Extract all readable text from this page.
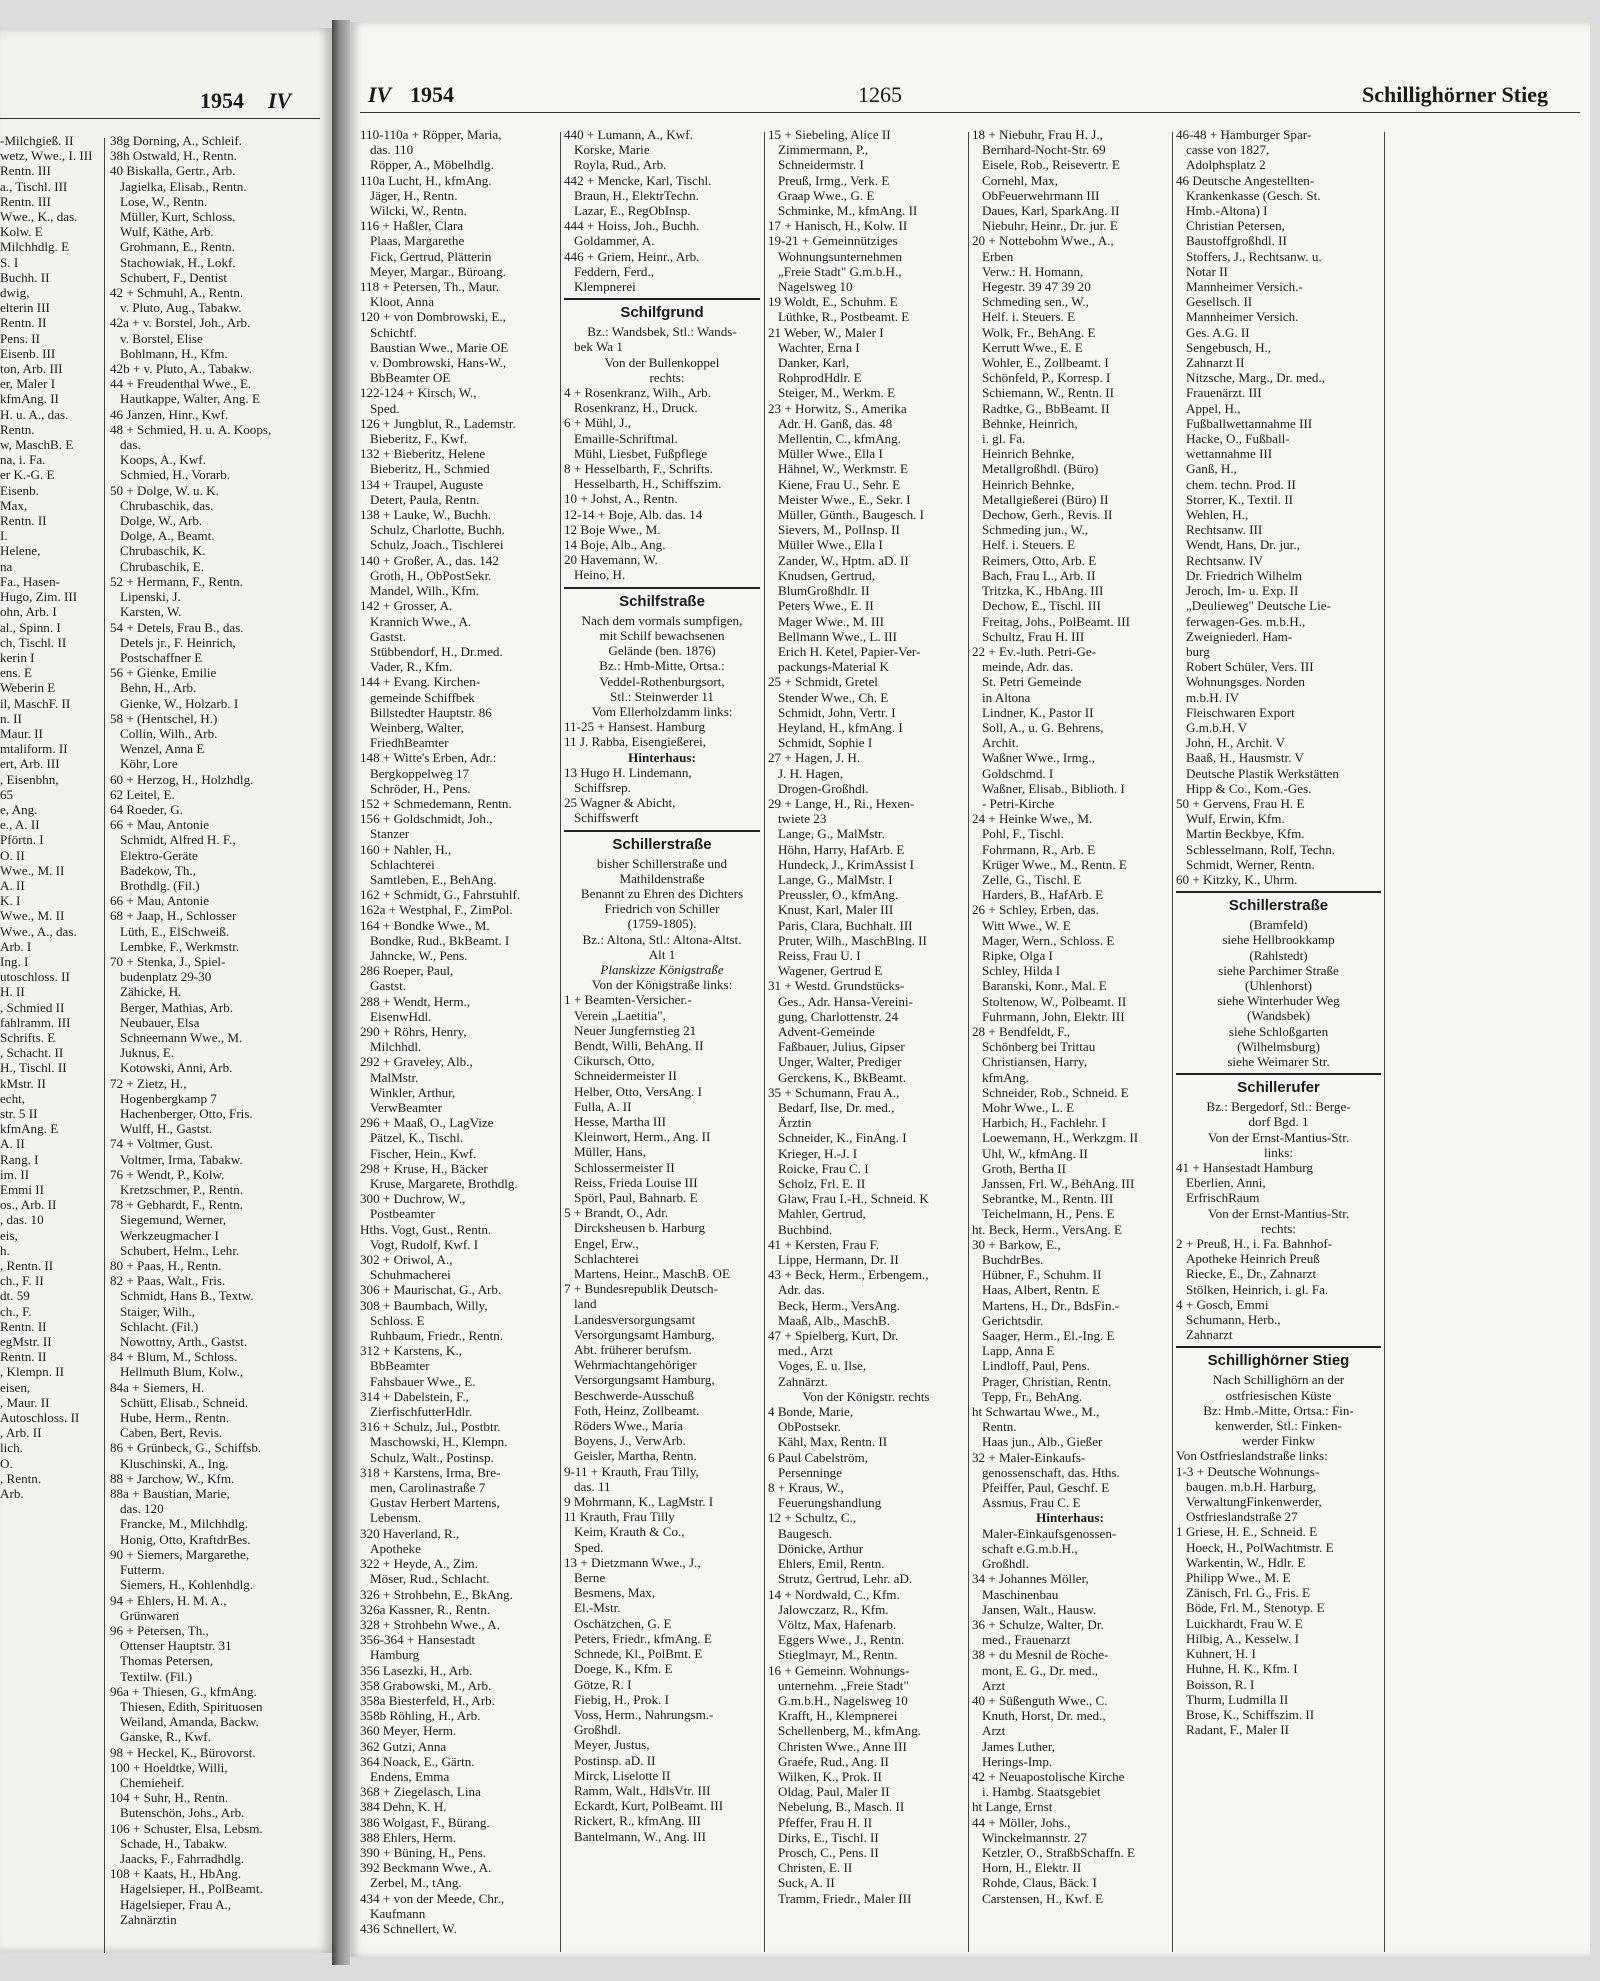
1954 IV
-Milchgieß. II
wetz, Wwe., I. III
Rentn. III
a., Tischl. III
Rentn. III
Wwe., K., das.
Kolw. E
Milchhdlg. E
S. I
Buchh. II
dwig,
elterin III
Rentn. II
Pens. II
Eisenb. III
ton, Arb. III
er, Maler I
kfmAng. II
H. u. A., das.
Rentn.
w, MaschB. E
na, i. Fa.
er K.-G. E
Eisenb.
Max,
Rentn. II
I.
Helene,
na
Fa., Hasen-
Hugo, Zim. III
ohn, Arb. I
al., Spinn. I
ch, Tischl. II
kerin I
ens. E
Weberin E
il, MaschF. II
n. II
Maur. II
mtaliform. II
ert, Arb. III
, Eisenbhn,
65
e, Ang.
e., A. II
Pförtn. I
O. II
Wwe., M. II
A. II
K. I
Wwe., M. II
Wwe., A., das.
Arb. I
Ing. I
utoschloss. II
H. II
, Schmied II
fahlramm. III
Schrifts. E
, Schacht. II
H., Tischl. II
kMstr. II
echt,
str. 5 II
kfmAng. E
A. II
Rang. I
im. II
Emmi II
os., Arb. II
, das. 10
eis,
h.
, Rentn. II
ch., F. II
dt. 59
ch., F.
Rentn. II
egMstr. II
Rentn. II
, Klempn. II
eisen,
, Maur. II
Autoschloss. II
, Arb. II
lich.
O.
, Rentn.
Arb.
38g Dorning, A., Schleif.
38h Ostwald, H., Rentn.
40 Biskalla, Gertr., Arb.
Jagielka, Elisab., Rentn.
Lose, W., Rentn.
Müller, Kurt, Schloss.
Wulf, Käthe, Arb.
Grohmann, E., Rentn.
Stachowiak, H., Lokf.
Schubert, F., Dentist
42 + Schmuhl, A., Rentn.
v. Pluto, Aug., Tabakw.
42a + v. Borstel, Joh., Arb.
v. Borstel, Elise
Bohlmann, H., Kfm.
42b + v. Pluto, A., Tabakw.
44 + Freudenthal Wwe., E.
Hautkappe, Walter, Ang. E
46 Janzen, Hinr., Kwf.
48 + Schmied, H. u. A. Koops,
das.
Koops, A., Kwf.
Schmied, H., Vorarb.
50 + Dolge, W. u. K.
Chrubaschik, das.
Dolge, W., Arb.
Dolge, A., Beamt.
Chrubaschik, K.
Chrubaschik, E.
52 + Hermann, F., Rentn.
Lipenski, J.
Karsten, W.
54 + Detels, Frau B., das.
Detels jr., F. Heinrich,
Postschaffner E
56 + Gienke, Emilie
Behn, H., Arb.
Gienke, W., Holzarb. I
58 + (Hentschel, H.)
Collin, Wilh., Arb.
Wenzel, Anna E
Köhr, Lore
60 + Herzog, H., Holzhdlg.
62 Leitel, E.
64 Roeder, G.
66 + Mau, Antonie
Schmidt, Alfred H. F.,
Elektro-Geräte
Badekow, Th.,
Brothdlg. (Fil.)
66 + Mau, Antonie
68 + Jaap, H., Schlosser
Lüth, E., ElSchweiß.
Lembke, F., Werkmstr.
70 + Stenka, J., Spiel-
budenplatz 29-30
Zähicke, H.
Berger, Mathias, Arb.
Neubauer, Elsa
Schneemann Wwe., M.
Juknus, E.
Kotowski, Anni, Arb.
72 + Zietz, H.,
Hogenbergkamp 7
Hachenberger, Otto, Fris.
Wulff, H., Gastst.
74 + Voltmer, Gust.
Voltmer, Irma, Tabakw.
76 + Wendt, P., Kolw.
Kretzschmer, P., Rentn.
78 + Gebhardt, F., Rentn.
Siegemund, Werner,
Werkzeugmacher I
Schubert, Helm., Lehr.
80 + Paas, H., Rentn.
82 + Paas, Walt., Fris.
Schmidt, Hans B., Textw.
Staiger, Wilh.,
Schlacht. (Fil.)
Nowottny, Arth., Gastst.
84 + Blum, M., Schloss.
Hellmuth Blum, Kolw.,
84a + Siemers, H.
Schütt, Elisab., Schneid.
Hube, Herm., Rentn.
Caben, Bert, Revis.
86 + Grünbeck, G., Schiffsb.
Kluschinski, A., Ing.
88 + Jarchow, W., Kfm.
88a + Baustian, Marie,
das. 120
Francke, M., Milchhdlg.
Honig, Otto, KraftdrBes.
90 + Siemers, Margarethe,
Futterm.
Siemers, H., Kohlenhdlg.
94 + Ehlers, H. M. A.,
Grünwaren
96 + Petersen, Th.,
Ottenser Hauptstr. 31
Thomas Petersen,
Textilw. (Fil.)
96a + Thiesen, G., kfmAng.
Thiesen, Edith, Spirituosen
Weiland, Amanda, Backw.
Ganske, R., Kwf.
98 + Heckel, K., Bürovorst.
100 + Hoeldtke, Willi,
Chemieheif.
104 + Suhr, H., Rentn.
Butenschön, Johs., Arb.
106 + Schuster, Elsa, Lebsm.
Schade, H., Tabakw.
Jaacks, F., Fahrradhdlg.
108 + Kaats, H., HbAng.
Hagelsieper, H., PolBeamt.
Hagelsieper, Frau A.,
Zahnärztin
IV 1954	1265	Schillighörner Stieg
110-110a + Röpper, Maria,
das. 110
Röpper, A., Möbelhdlg.
110a Lucht, H., kfmAng.
Jäger, H., Rentn.
Wilcki, W., Rentn.
116 + Haßler, Clara
Plaas, Margarethe
Fick, Gertrud, Plätterin
Meyer, Margar., Büroang.
118 + Petersen, Th., Maur.
Kloot, Anna
120 + von Dombrowski, E.,
Schichtf.
Baustian Wwe., Marie OE
v. Dombrowski, Hans-W.,
BbBeamter OE
122-124 + Kirsch, W.,
Sped.
126 + Jungblut, R., Lademstr.
Bieberitz, F., Kwf.
132 + Bieberitz, Helene
Bieberitz, H., Schmied
134 + Traupel, Auguste
Detert, Paula, Rentn.
138 + Lauke, W., Buchh.
Schulz, Charlotte, Buchh.
Schulz, Joach., Tischlerei
140 + Großer, A., das. 142
Groth, H., ObPostSekr.
Mandel, Wilh., Kfm.
142 + Grosser, A.
Krannich Wwe., A.
Gastst.
Stübbendorf, H., Dr.med.
Vader, R., Kfm.
144 + Evang. Kirchen-
gemeinde Schiffbek
Billstedter Hauptstr. 86
Weinberg, Walter,
FriedhBeamter
148 + Witte's Erben, Adr.:
Bergkoppelweg 17
Schröder, H., Pens.
152 + Schmedemann, Rentn.
156 + Goldschmidt, Joh.,
Stanzer
160 + Nahler, H.,
Schlachterei
Samtleben, E., BehAng.
162 + Schmidt, G., Fahrstuhlf.
162a + Westphal, F., ZimPol.
164 + Bondke Wwe., M.
Bondke, Rud., BkBeamt. I
Jahncke, W., Pens.
286 Roeper, Paul,
Gastst.
288 + Wendt, Herm.,
EisenwHdl.
290 + Röhrs, Henry,
Milchhdl.
292 + Graveley, Alb.,
MalMstr.
Winkler, Arthur,
VerwBeamter
296 + Maaß, O., LagVize
Pätzel, K., Tischl.
Fischer, Hein., Kwf.
298 + Kruse, H., Bäcker
Kruse, Margarete, Brothdlg.
300 + Duchrow, W.,
Postbeamter
Hths. Vogt, Gust., Rentn.
Vogt, Rudolf, Kwf. I
302 + Oriwol, A.,
Schuhmacherei
306 + Maurischat, G., Arb.
308 + Baumbach, Willy,
Schloss. E
Ruhbaum, Friedr., Rentn.
312 + Karstens, K.,
BbBeamter
Fahsbauer Wwe., E.
314 + Dabelstein, F.,
ZierfischfutterHdlr.
316 + Schulz, Jul., Postbtr.
Maschowski, H., Klempn.
Schulz, Walt., Postinsp.
318 + Karstens, Irma, Bre-
men, Carolinastraße 7
Gustav Herbert Martens,
Lebensm.
320 Haverland, R.,
Apotheke
322 + Heyde, A., Zim.
Möser, Rud., Schlacht.
326 + Strohbehn, E., BkAng.
326a Kassner, R., Rentn.
328 + Strohbehn Wwe., A.
356-364 + Hansestadt
Hamburg
356 Lasezki, H., Arb.
358 Grabowski, M., Arb.
358a Biesterfeld, H., Arb.
358b Röhling, H., Arb.
360 Meyer, Herm.
362 Gutzi, Anna
364 Noack, E., Gärtn.
Endens, Emma
368 + Ziegelasch, Lina
384 Dehn, K. H.
386 Wolgast, F., Bürang.
388 Ehlers, Herm.
390 + Büning, H., Pens.
392 Beckmann Wwe., A.
Zerbel, M., tAng.
434 + von der Meede, Chr.,
Kaufmann
436 Schnellert, W.
440 + Lumann, A., Kwf.
Korske, Marie
Royla, Rud., Arb.
442 + Mencke, Karl, Tischl.
Braun, H., ElektrTechn.
Lazar, E., RegObInsp.
444 + Hoiss, Joh., Buchh.
Goldammer, A.
446 + Griem, Heinr., Arb.
Feddern, Ferd.,
Klempnerei
Schilfgrund
Bz.: Wandsbek, Stl.: Wands-
bek Wa 1
Von der Bullenkoppel
rechts:
4 + Rosenkranz, Wilh., Arb.
Rosenkranz, H., Druck.
6 + Mühl, J.,
Emaille-Schriftmal.
Mühl, Liesbet, Fußpflege
8 + Hesselbarth, F., Schrifts.
Hesselbarth, H., Schiffszim.
10 + Johst, A., Rentn.
12-14 + Boje, Alb. das. 14
12 Boje Wwe., M.
14 Boje, Alb., Ang.
20 Havemann, W.
Heino, H.
Schilfstraße
Nach dem vormals sumpfigen,
mit Schilf bewachsenen
Gelände (ben. 1876)
Bz.: Hmb-Mitte, Ortsa.:
Veddel-Rothenburgsort,
Stl.: Steinwerder 11
Vom Ellerholzdamm links:
11-25 + Hansest. Hamburg
11 J. Rabba, Eisengießerei,
Hinterhaus:
13 Hugo H. Lindemann,
Schiffsrep.
25 Wagner & Abicht,
Schiffswerft
Schillerstraße
bisher Schillerstraße und
Mathildenstraße
Benannt zu Ehren des Dichters
Friedrich von Schiller
(1759-1805).
Bz.: Altona, Stl.: Altona-Altst.
Alt 1
Planskizze Königstraße
Von der Königstraße links:
1 + Beamten-Versicher.-
Verein „Laetitia",
Neuer Jungfernstieg 21
Bendt, Willi, BehAng. II
Cikursch, Otto,
Schneidermeister II
Helber, Otto, VersAng. I
Fulla, A. II
Hesse, Martha III
Kleinwort, Herm., Ang. II
Müller, Hans,
Schlossermeister II
Reiss, Frieda Louise III
Spörl, Paul, Bahnarb. E
5 + Brandt, O., Adr.
Dircksheusen b. Harburg
Engel, Erw.,
Schlachterei
Martens, Heinr., MaschB. OE
7 + Bundesrepublik Deutsch-
land
Landesversorgungsamt
Versorgungsamt Hamburg,
Abt. früherer berufsm.
Wehrmachtangehöriger
Versorgungsamt Hamburg,
Beschwerde-Ausschuß
Foth, Heinz, Zollbeamt.
Röders Wwe., Maria
Boyens, J., VerwArb.
Geisler, Martha, Rentn.
9-11 + Krauth, Frau Tilly,
das. 11
9 Mohrmann, K., LagMstr. I
11 Krauth, Frau Tilly
Keim, Krauth & Co.,
Sped.
13 + Dietzmann Wwe., J.,
Berne
Besmens, Max,
El.-Mstr.
Oschätzchen, G. E
Peters, Friedr., kfmAng. E
Schnede, Kl., PolBmt. E
Doege, K., Kfm. E
Götze, R. I
Fiebig, H., Prok. I
Voss, Herm., Nahrungsm.-
Großhdl.
Meyer, Justus,
Postinsp. aD. II
Mirck, Liselotte II
Ramm, Walt., HdlsVtr. III
Eckardt, Kurt, PolBeamt. III
Rickert, R., kfmAng. III
Bantelmann, W., Ang. III
15 + Siebeling, Alice II
Zimmermann, P.,
Schneidermstr. I
Preuß, Irmg., Verk. E
Graap Wwe., G. E
Schminke, M., kfmAng. II
17 + Hanisch, H., Kolw. II
19-21 + Gemeinnütziges
Wohnungsunternehmen
„Freie Stadt" G.m.b.H.,
Nagelsweg 10
19 Woldt, E., Schuhm. E
Lüthke, R., Postbeamt. E
21 Weber, W., Maler I
Wachter, Erna I
Danker, Karl,
RohprodHdlr. E
Steiger, M., Werkm. E
23 + Horwitz, S., Amerika
Adr. H. Ganß, das. 48
Mellentin, C., kfmAng.
Müller Wwe., Ella I
Hähnel, W., Werkmstr. E
Kiene, Frau U., Sehr. E
Meister Wwe., E., Sekr. I
Müller, Günth., Baugesch. I
Sievers, M., PolInsp. II
Müller Wwe., Ella I
Zander, W., Hptm. aD. II
Knudsen, Gertrud,
BlumGroßhdlr. II
Peters Wwe., E. II
Mager Wwe., M. III
Bellmann Wwe., L. III
Erich H. Ketel, Papier-Ver-
packungs-Material K
25 + Schmidt, Gretel
Stender Wwe., Ch. E
Schmidt, John, Vertr. I
Heyland, H., kfmAng. I
Schmidt, Sophie I
27 + Hagen, J. H.
J. H. Hagen,
Drogen-Großhdl.
29 + Lange, H., Ri., Hexen-
twiete 23
Lange, G., MalMstr.
Höhn, Harry, HafArb. E
Hundeck, J., KrimAssist I
Lange, G., MalMstr. I
Preussler, O., kfmAng.
Knust, Karl, Maler III
Paris, Clara, Buchhalt. III
Pruter, Wilh., MaschBlng. II
Reiss, Frau U. I
Wagener, Gertrud E
31 + Westd. Grundstücks-
Ges., Adr. Hansa-Vereini-
gung, Charlottenstr. 24
Advent-Gemeinde
Faßbauer, Julius, Gipser
Unger, Walter, Prediger
Gerckens, K., BkBeamt.
35 + Schumann, Frau A.,
Bedarf, Ilse, Dr. med.,
Ärztin
Schneider, K., FinAng. I
Krieger, H.-J. I
Roicke, Frau C. I
Scholz, Frl. E. II
Glaw, Frau I.-H., Schneid. K
Mahler, Gertrud,
Buchbind.
41 + Kersten, Frau F.
Lippe, Hermann, Dr. II
43 + Beck, Herm., Erbengem.,
Adr. das.
Beck, Herm., VersAng.
Maaß, Alb., MaschB.
47 + Spielberg, Kurt, Dr.
med., Arzt
Voges, E. u. Ilse,
Zahnärzt.
Von der Königstr. rechts
4 Bonde, Marie,
ObPostsekr.
Kähl, Max, Rentn. II
6 Paul Cabelström,
Persenninge
8 + Kraus, W.,
Feuerungshandlung
12 + Schultz, C.,
Baugesch.
Dönicke, Arthur
Ehlers, Emil, Rentn.
Strutz, Gertrud, Lehr. aD.
14 + Nordwald, C., Kfm.
Jalowczarz, R., Kfm.
Völtz, Max, Hafenarb.
Eggers Wwe., J., Rentn.
Stieglmayr, M., Rentn.
16 + Gemeinn. Wohnungs-
unternehm. „Freie Stadt"
G.m.b.H., Nagelsweg 10
Krafft, H., Klempnerei
Schellenberg, M., kfmAng.
Christen Wwe., Anne III
Graefe, Rud., Ang. II
Wilken, K., Prok. II
Oldag, Paul, Maler II
Nebelung, B., Masch. II
Pfeffer, Frau H. II
Dirks, E., Tischl. II
Prosch, C., Pens. II
Christen, E. II
Suck, A. II
Tramm, Friedr., Maler III
18 + Niebuhr, Frau H. J.,
Bernhard-Nocht-Str. 69
Eisele, Rob., Reisevertr. E
Cornehl, Max,
ObFeuerwehrmann III
Daues, Karl, SparkAng. II
Niebuhr, Heinr., Dr. jur. E
20 + Nottebohm Wwe., A.,
Erben
Verw.: H. Homann,
Hegestr. 39 47 39 20
Schmeding sen., W.,
Helf. i. Steuers. E
Wolk, Fr., BehAng. E
Kerrutt Wwe., E. E
Wohler, E., Zollbeamt. I
Schönfeld, P., Korresp. I
Schiemann, W., Rentn. II
Radtke, G., BbBeamt. II
Behnke, Heinrich,
i. gl. Fa.
Heinrich Behnke,
Metallgroßhdl. (Büro)
Heinrich Behnke,
Metallgießerei (Büro) II
Dechow, Gerh., Revis. II
Schmeding jun., W.,
Helf. i. Steuers. E
Reimers, Otto, Arb. E
Bach, Frau L., Arb. II
Tritzka, K., HbAng. III
Dechow, E., Tischl. III
Freitag, Johs., PolBeamt. III
Schultz, Frau H. III
22 + Ev.-luth. Petri-Ge-
meinde, Adr. das.
St. Petri Gemeinde
in Altona
Lindner, K., Pastor II
Soll, A., u. G. Behrens,
Archit.
Waßner Wwe., Irmg.,
Goldschmd. I
Waßner, Elisab., Biblioth. I
- Petri-Kirche
24 + Heinke Wwe., M.
Pohl, F., Tischl.
Fohrmann, R., Arb. E
Krüger Wwe., M., Rentn. E
Zelle, G., Tischl. E
Harders, B., HafArb. E
26 + Schley, Erben, das.
Witt Wwe., W. E
Mager, Wern., Schloss. E
Ripke, Olga I
Schley, Hilda I
Baranski, Konr., Mal. E
Stoltenow, W., Polbeamt. II
Fuhrmann, John, Elektr. III
28 + Bendfeldt, F.,
Schönberg bei Trittau
Christiansen, Harry,
kfmAng.
Schneider, Rob., Schneid. E
Mohr Wwe., L. E
Harbich, H., Fachlehr. I
Loewemann, H., Werkzgm. II
Uhl, W., kfmAng. II
Groth, Bertha II
Janssen, Frl. W., BehAng. III
Sebrantke, M., Rentn. III
Teichelmann, H., Pens. E
ht. Beck, Herm., VersAng. E
30 + Barkow, E.,
BuchdrBes.
Hübner, F., Schuhm. II
Haas, Albert, Rentn. E
Martens, H., Dr., BdsFin.-
Gerichtsdir.
Saager, Herm., El.-Ing. E
Lapp, Anna E
Lindloff, Paul, Pens.
Prager, Christian, Rentn.
Tepp, Fr., BehAng.
ht Schwartau Wwe., M.,
Rentn.
Haas jun., Alb., Gießer
32 + Maler-Einkaufs-
genossenschaft, das. Hths.
Pfeiffer, Paul, Geschf. E
Assmus, Frau C. E
Hinterhaus:
Maler-Einkaufsgenossen-
schaft e.G.m.b.H.,
Großhdl.
34 + Johannes Möller,
Maschinenbau
Jansen, Walt., Hausw.
36 + Schulze, Walter, Dr.
med., Frauenarzt
38 + du Mesnil de Roche-
mont, E. G., Dr. med.,
Arzt
40 + Süßenguth Wwe., C.
Knuth, Horst, Dr. med.,
Arzt
James Luther,
Herings-Imp.
42 + Neuapostolische Kirche
i. Hambg. Staatsgebiet
ht Lange, Ernst
44 + Möller, Johs.,
Winckelmannstr. 27
Ketzler, O., StraßbSchaffn. E
Horn, H., Elektr. II
Rohde, Claus, Bäck. I
Carstensen, H., Kwf. E
46-48 + Hamburger Spar-
casse von 1827,
Adolphsplatz 2
46 Deutsche Angestellten-
Krankenkasse (Gesch. St.
Hmb.-Altona) I
Christian Petersen,
Baustoffgroßhdl. II
Stoffers, J., Rechtsanw. u.
Notar II
Mannheimer Versich.-
Gesellsch. II
Mannheimer Versich.
Ges. A.G. II
Sengebusch, H.,
Zahnarzt II
Nitzsche, Marg., Dr. med.,
Frauenärzt. III
Appel, H.,
Fußballwettannahme III
Hacke, O., Fußball-
wettannahme III
Ganß, H.,
chem. techn. Prod. II
Storrer, K., Textil. II
Wehlen, H.,
Rechtsanw. III
Wendt, Hans, Dr. jur.,
Rechtsanw. IV
Dr. Friedrich Wilhelm
Jeroch, Im- u. Exp. II
„Deulieweg" Deutsche Lie-
ferwagen-Ges. m.b.H.,
Zweigniederl. Ham-
burg
Robert Schüler, Vers. III
Wohnungsges. Norden
m.b.H. IV
Fleischwaren Export
G.m.b.H. V
John, H., Archit. V
Baaß, H., Hausmstr. V
Deutsche Plastik Werkstätten
Hipp & Co., Kom.-Ges.
50 + Gervens, Frau H. E
Wulf, Erwin, Kfm.
Martin Beckbye, Kfm.
Schlesselmann, Rolf, Techn.
Schmidt, Werner, Rentn.
60 + Kitzky, K., Uhrm.
Schillerstraße
(Bramfeld)
siehe Hellbrookkamp
(Rahlstedt)
siehe Parchimer Straße
(Uhlenhorst)
siehe Winterhuder Weg
(Wandsbek)
siehe Schloßgarten
(Wilhelmsburg)
siehe Weimarer Str.
Schillerufer
Bz.: Bergedorf, Stl.: Berge-
dorf Bgd. 1
Von der Ernst-Mantius-Str.
links:
41 + Hansestadt Hamburg
Eberlien, Anni,
ErfrischRaum
Von der Ernst-Mantius-Str.
rechts:
2 + Preuß, H., i. Fa. Bahnhof-
Apotheke Heinrich Preuß
Riecke, E., Dr., Zahnarzt
Stölken, Heinrich, i. gl. Fa.
4 + Gosch, Emmi
Schumann, Herb.,
Zahnarzt
Schillighörner Stieg
Nach Schillighörn an der
ostfriesischen Küste
Bz: Hmb.-Mitte, Ortsa.: Fin-
kenwerder, Stl.: Finken-
werder Finkw
Von Ostfrieslandstraße links:
1-3 + Deutsche Wohnungs-
baugen. m.b.H. Harburg,
VerwaltungFinkenwerder,
Ostfrieslandstraße 27
1 Griese, H. E., Schneid. E
Hoeck, H., PolWachtmstr. E
Warkentin, W., Hdlr. E
Philipp Wwe., M. E
Zänisch, Frl. G., Fris. E
Böde, Frl. M., Stenotyp. E
Luickhardt, Frau W. E
Hilbig, A., Kesselw. I
Kuhnert, H. I
Huhne, H. K., Kfm. I
Boisson, R. I
Thurm, Ludmilla II
Brose, K., Schiffszim. II
Radant, F., Maler II
